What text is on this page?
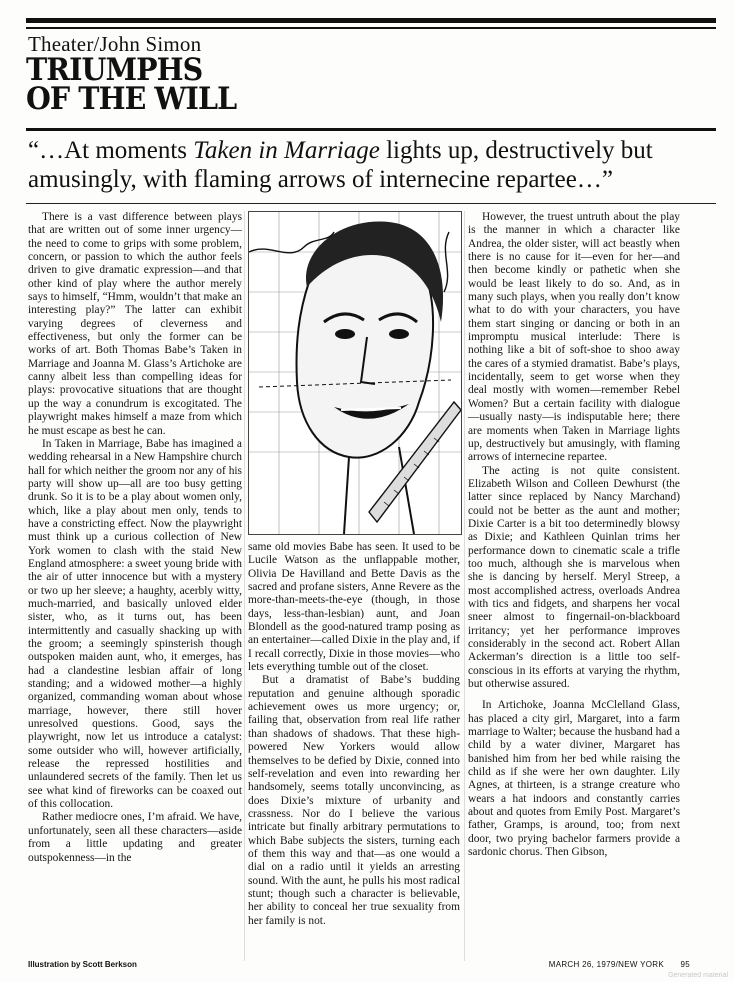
Theater/John Simon
TRIUMPHS
OF THE WILL
“…At moments Taken in Marriage lights up, destructively but amusingly, with flaming arrows of internecine repartee…”

There is a vast difference between plays that are written out of some inner urgency—the need to come to grips with some problem, concern, or passion to which the author feels driven to give dramatic expression—and that other kind of play where the author merely says to himself, “Hmm, wouldn’t that make an interesting play?” The latter can exhibit varying degrees of cleverness and effectiveness, but only the former can be works of art. Both Thomas Babe’s Taken in Marriage and Joanna M. Glass’s Artichoke are canny albeit less than compelling ideas for plays: provocative situations that are thought up the way a conundrum is excogitated. The playwright makes himself a maze from which he must escape as best he can.

In Taken in Marriage, Babe has imagined a wedding rehearsal in a New Hampshire church hall for which neither the groom nor any of his party will show up—all are too busy getting drunk. So it is to be a play about women only, which, like a play about men only, tends to have a constricting effect. Now the playwright must think up a curious collection of New York women to clash with the staid New England atmosphere: a sweet young bride with the air of utter innocence but with a mystery or two up her sleeve; a haughty, acerbly witty, much-married, and basically unloved elder sister, who, as it turns out, has been intermittently and casually shacking up with the groom; a seemingly spinsterish though outspoken maiden aunt, who, it emerges, has had a clandestine lesbian affair of long standing; and a widowed mother—a highly organized, commanding woman about whose marriage, however, there still hover unresolved questions. Good, says the playwright, now let us introduce a catalyst: some outsider who will, however artificially, release the repressed hostilities and unlaundered secrets of the family. Then let us see what kind of fireworks can be coaxed out of this collocation.

Rather mediocre ones, I’m afraid. We have, unfortunately, seen all these characters—aside from a little updating and greater outspokenness—in the

same old movies Babe has seen. It used to be Lucile Watson as the unflappable mother, Olivia De Havilland and Bette Davis as the sacred and profane sisters, Anne Revere as the more-than-meets-the-eye (though, in those days, less-than-lesbian) aunt, and Joan Blondell as the good-natured tramp posing as an entertainer—called Dixie in the play and, if I recall correctly, Dixie in those movies—who lets everything tumble out of the closet.

But a dramatist of Babe’s budding reputation and genuine although sporadic achievement owes us more urgency; or, failing that, observation from real life rather than shadows of shadows. That these high-powered New Yorkers would allow themselves to be defied by Dixie, conned into self-revelation and even into rewarding her handsomely, seems totally unconvincing, as does Dixie’s mixture of urbanity and crassness. Nor do I believe the various intricate but finally arbitrary permutations to which Babe subjects the sisters, turning each of them this way and that—as one would a dial on a radio until it yields an arresting sound. With the aunt, he pulls his most radical stunt; though such a character is believable, her ability to conceal her true sexuality from her family is not.

However, the truest untruth about the play is the manner in which a character like Andrea, the older sister, will act beastly when there is no cause for it—even for her—and then become kindly or pathetic when she would be least likely to do so. And, as in many such plays, when you really don’t know what to do with your characters, you have them start singing or dancing or both in an impromptu musical interlude: There is nothing like a bit of soft-shoe to shoo away the cares of a stymied dramatist. Babe’s plays, incidentally, seem to get worse when they deal mostly with women—remember Rebel Women? But a certain facility with dialogue—usually nasty—is indisputable here; there are moments when Taken in Marriage lights up, destructively but amusingly, with flaming arrows of internecine repartee.

The acting is not quite consistent. Elizabeth Wilson and Colleen Dewhurst (the latter since replaced by Nancy Marchand) could not be better as the aunt and mother; Dixie Carter is a bit too determinedly blowsy as Dixie; and Kathleen Quinlan trims her performance down to cinematic scale a trifle too much, although she is marvelous when she is dancing by herself. Meryl Streep, a most accomplished actress, overloads Andrea with tics and fidgets, and sharpens her vocal sneer almost to fingernail-on-blackboard irritancy; yet her performance improves considerably in the second act. Robert Allan Ackerman’s direction is a little too self-conscious in its efforts at varying the rhythm, but otherwise assured.

In Artichoke, Joanna McClelland Glass, has placed a city girl, Margaret, into a farm marriage to Walter; because the husband had a child by a water diviner, Margaret has banished him from her bed while raising the child as if she were her own daughter. Lily Agnes, at thirteen, is a strange creature who wears a hat indoors and constantly carries about and quotes from Emily Post. Margaret’s father, Gramps, is around, too; from next door, two prying bachelor farmers provide a sardonic chorus. Then Gibson,

Illustration by Scott Berkson	MARCH 26, 1979/NEW YORK 95
Generated material
